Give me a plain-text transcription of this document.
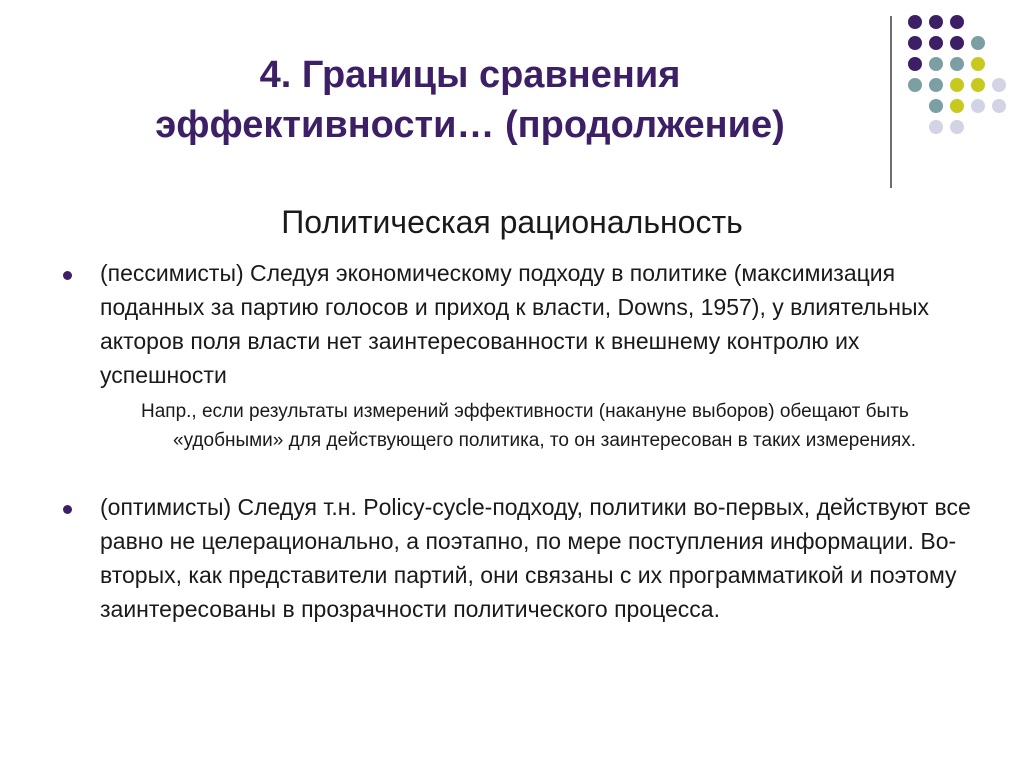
4. Границы сравнения
эффективности… (продолжение)
Политическая рациональность
(пессимисты) Следуя экономическому подходу в политике (максимизация поданных за партию голосов и приход к власти, Downs, 1957), у влиятельных акторов поля власти нет заинтересованности к внешнему контролю их успешности
Напр., если результаты измерений эффективности (накануне выборов) обещают быть «удобными» для действующего политика, то он заинтересован в таких измерениях.
(оптимисты) Следуя т.н. Policy-cycle-подходу, политики во-первых, действуют все равно не целерационально, а поэтапно, по мере поступления информации. Во-вторых, как представители партий, они связаны с их программатикой и поэтому заинтересованы в прозрачности политического процесса.
